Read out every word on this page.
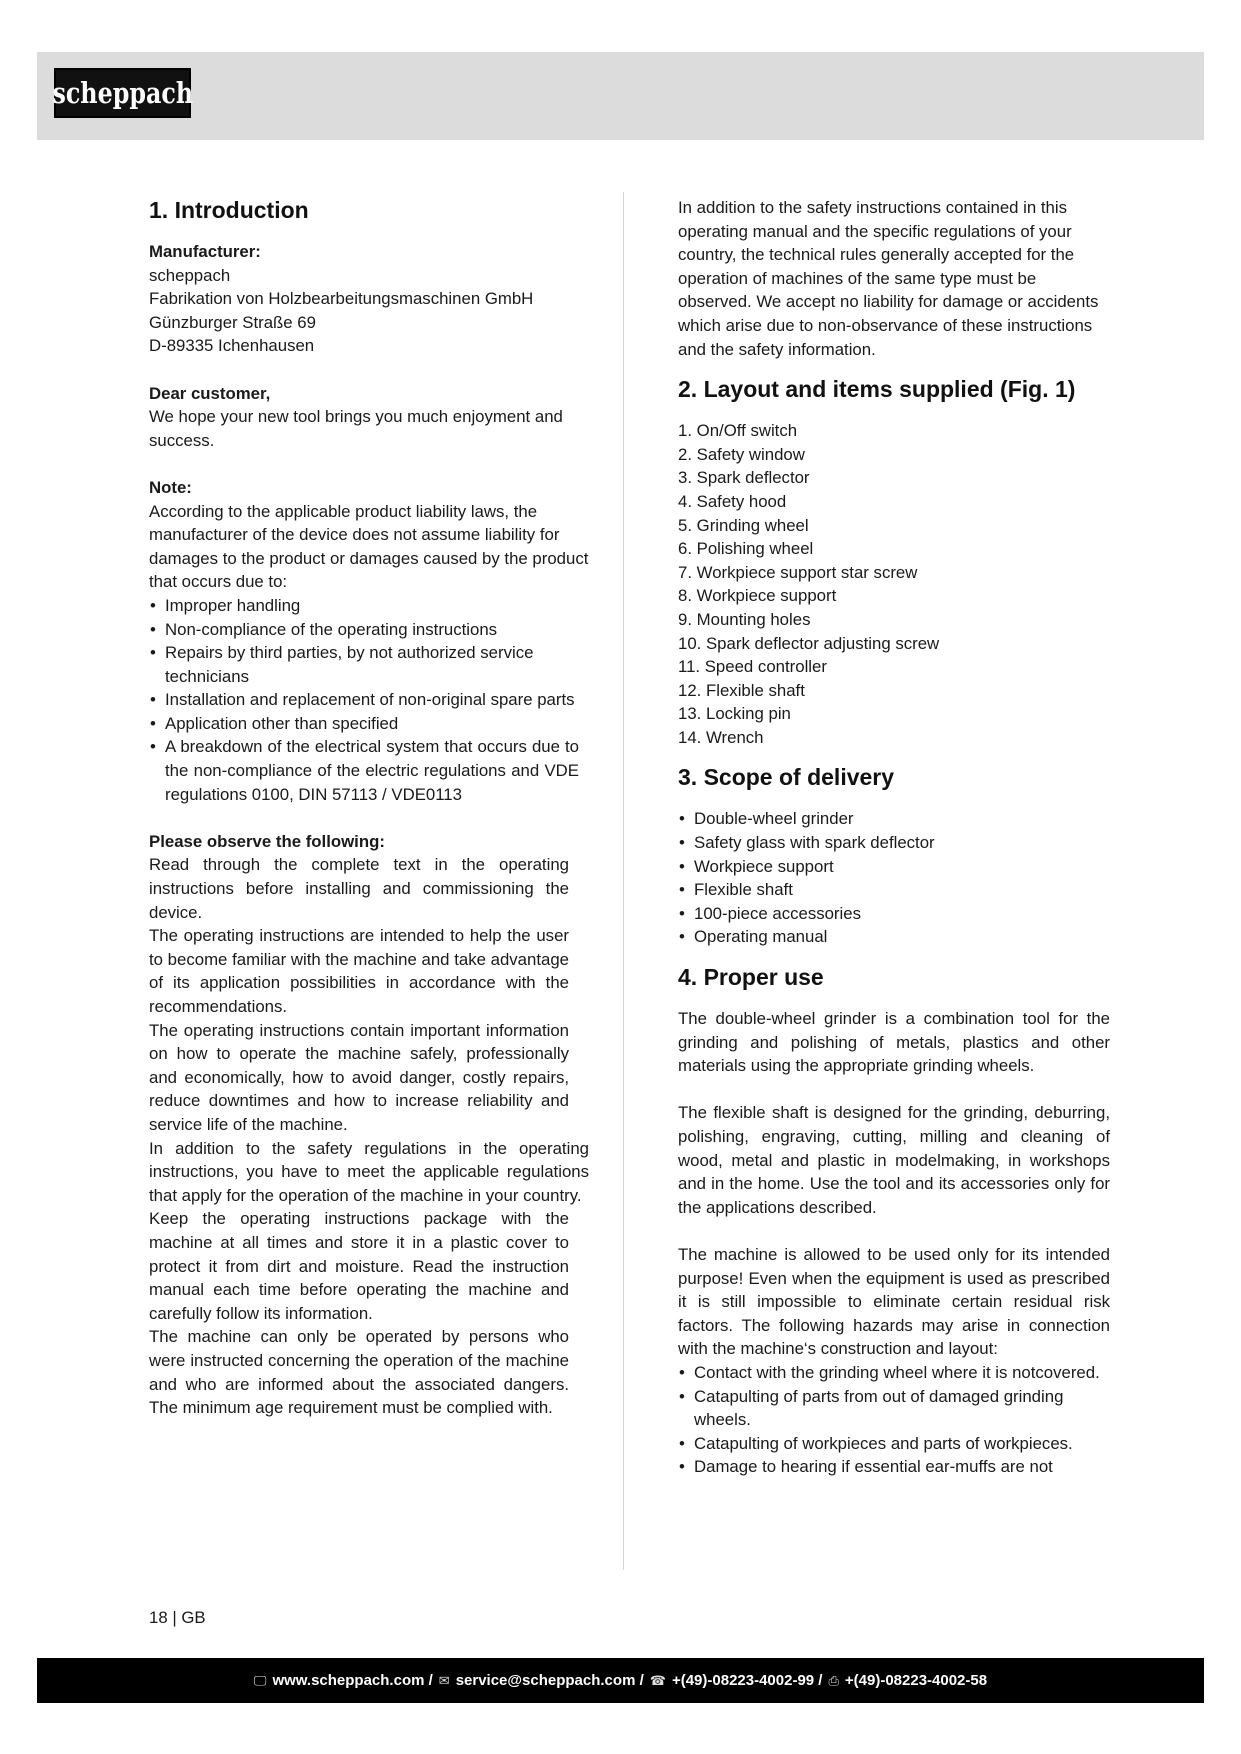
scheppach
1. Introduction

Manufacturer:

scheppach

Fabrikation von Holzbearbeitungsmaschinen GmbH

Günzburger Straße 69

D-89335 Ichenhausen

Dear customer,

We hope your new tool brings you much enjoyment and success.

Note:

According to the applicable product liability laws, the manufacturer of the device does not assume liability for damages to the product or damages caused by the product that occurs due to:

• Improper handling
• Non-compliance of the operating instructions
• Repairs by third parties, by not authorized service technicians
• Installation and replacement of non-original spare parts
• Application other than specified
• A breakdown of the electrical system that occurs due to the non-compliance of the electric regulations and VDE regulations 0100, DIN 57113 / VDE0113

Please observe the following:

Read through the complete text in the operating instructions before installing and commissioning the device.

The operating instructions are intended to help the user to become familiar with the machine and take advantage of its application possibilities in accordance with the recommendations.

The operating instructions contain important information on how to operate the machine safely, professionally and economically, how to avoid danger, costly repairs, reduce downtimes and how to increase reliability and service life of the machine.

In addition to the safety regulations in the operating instructions, you have to meet the applicable regulations that apply for the operation of the machine in your country.

Keep the operating instructions package with the machine at all times and store it in a plastic cover to protect it from dirt and moisture. Read the instruction manual each time before operating the machine and carefully follow its information.

The machine can only be operated by persons who were instructed concerning the operation of the machine and who are informed about the associated dangers. The minimum age requirement must be complied with.

In addition to the safety instructions contained in this operating manual and the specific regulations of your country, the technical rules generally accepted for the operation of machines of the same type must be observed. We accept no liability for damage or accidents which arise due to non-observance of these instructions and the safety information.

2. Layout and items supplied (Fig. 1)
1. On/Off switch
2. Safety window
3. Spark deflector
4. Safety hood
5. Grinding wheel
6. Polishing wheel
7. Workpiece support star screw
8. Workpiece support
9. Mounting holes
10. Spark deflector adjusting screw
11. Speed controller
12. Flexible shaft
13. Locking pin
14. Wrench
3. Scope of delivery
• Double-wheel grinder
• Safety glass with spark deflector
• Workpiece support
• Flexible shaft
• 100-piece accessories
• Operating manual
4. Proper use

The double-wheel grinder is a combination tool for the grinding and polishing of metals, plastics and other materials using the appropriate grinding wheels.

The flexible shaft is designed for the grinding, deburring, polishing, engraving, cutting, milling and cleaning of wood, metal and plastic in modelmaking, in workshops and in the home. Use the tool and its accessories only for the applications described.

The machine is allowed to be used only for its intended purpose! Even when the equipment is used as prescribed it is still impossible to eliminate certain residual risk factors. The following hazards may arise in connection with the machine‘s construction and layout:

• Contact with the grinding wheel where it is notcovered.
• Catapulting of parts from out of damaged grinding wheels.
• Catapulting of workpieces and parts of workpieces.
• Damage to hearing if essential ear-muffs are not
18 | GB
🖵 www.scheppach.com / ✉ service@scheppach.com / ☎ +(49)-08223-4002-99 / ⎙ +(49)-08223-4002-58
